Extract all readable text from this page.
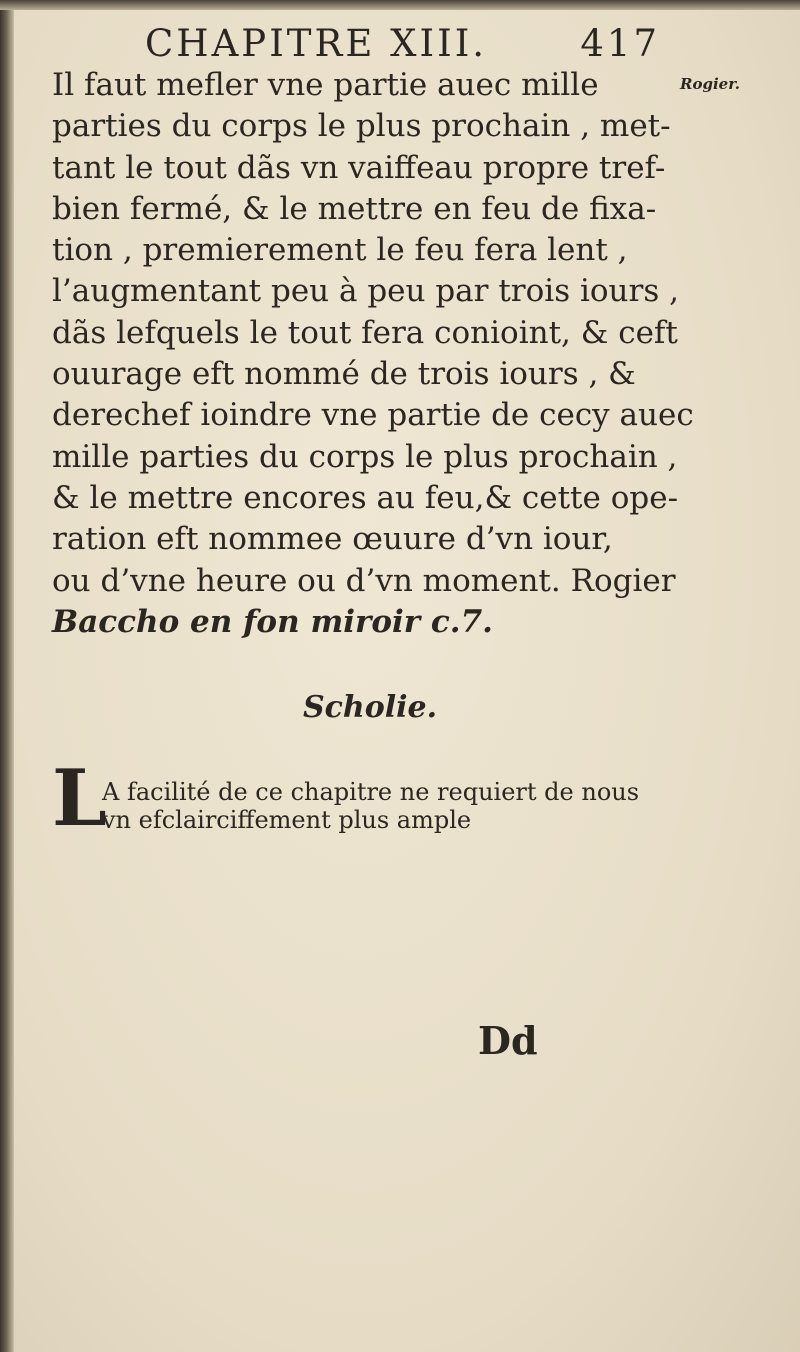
CHAPITRE XIII.	417
Rogier.
Il faut mefler vne partie auec mille
parties du corps le plus prochain , met-
tant le tout dãs vn vaiffeau propre tref-
bien fermé, & le mettre en feu de fixa-
tion , premierement le feu fera lent ,
l’augmentant peu à peu par trois iours ,
dãs lefquels le tout fera conioint, & ceft
ouurage eft nommé de trois iours , &
derechef ioindre vne partie de cecy auec
mille parties du corps le plus prochain ,
& le mettre encores au feu,& cette ope-
ration eft nommee œuure d’vn iour,
ou d’vne heure ou d’vn moment. Rogier
Baccho en fon miroir c.7.
Scholie.
L
A facilité de ce chapitre ne requiert de nous
vn efclairciffement plus ample
Dd
